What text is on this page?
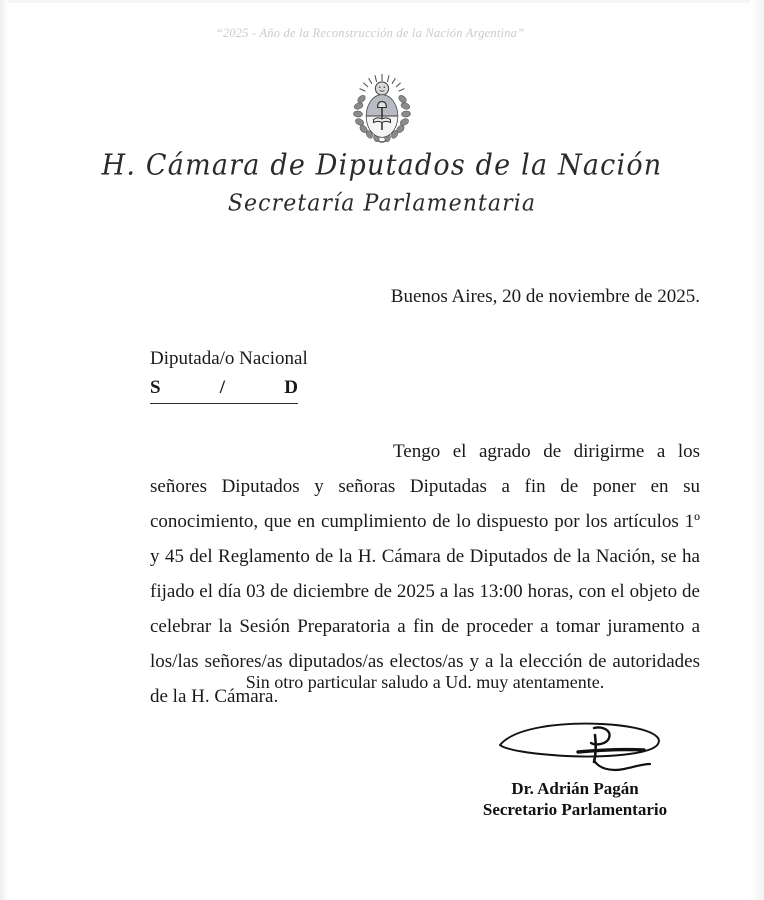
“2025 - Año de la Reconstrucción de la Nación Argentina”
H. Cámara de Diputados de la Nación
Secretaría Parlamentaria
Buenos Aires, 20 de noviembre de 2025.
Diputada/o Nacional
S	/	D
Tengo el agrado de dirigirme a los señores Diputados y señoras Diputadas a fin de poner en su conocimiento, que en cumplimiento de lo dispuesto por los artículos 1º y 45 del Reglamento de la H. Cámara de Diputados de la Nación, se ha fijado el día 03 de diciembre de 2025 a las 13:00 horas, con el objeto de celebrar la Sesión Preparatoria a fin de proceder a tomar juramento a los/las señores/as diputados/as electos/as y a la elección de autoridades de la H. Cámara.
Sin otro particular saludo a Ud. muy atentamente.
Dr. Adrián Pagán
Secretario Parlamentario
